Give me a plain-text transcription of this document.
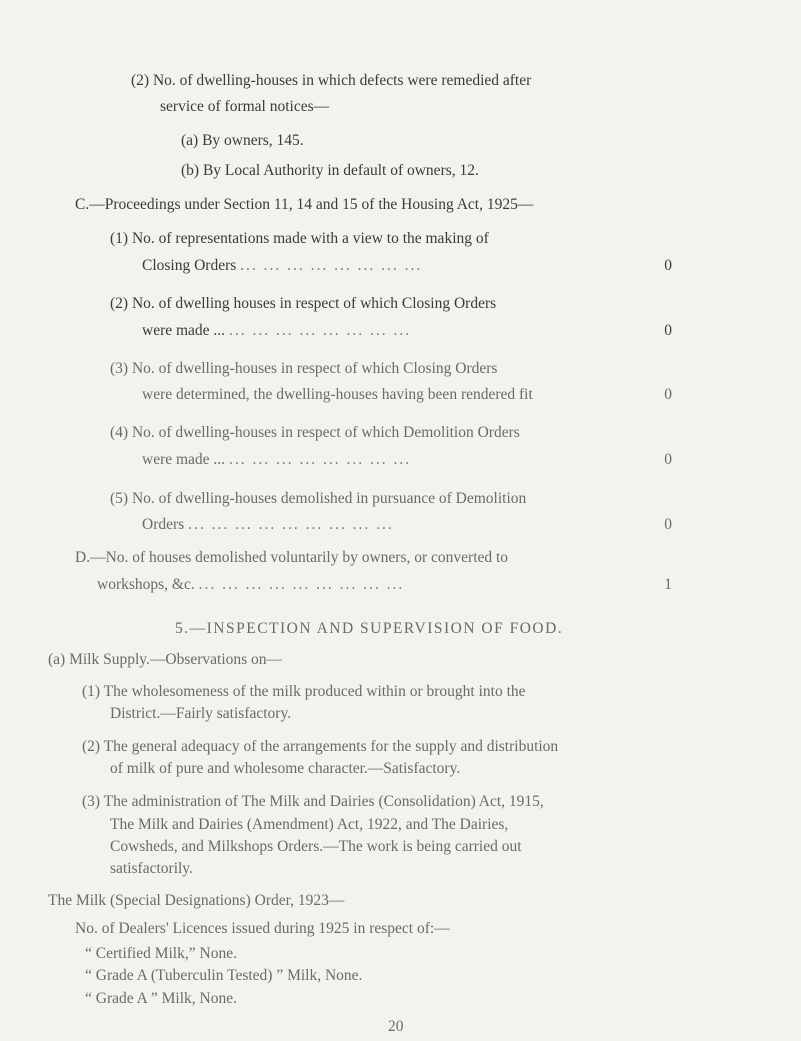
(2) No. of dwelling-houses in which defects were remedied after
service of formal notices—
(a) By owners, 145.
(b) By Local Authority in default of owners, 12.
C.—Proceedings under Section 11, 14 and 15 of the Housing Act, 1925—
(1) No. of representations made with a view to the making of
Closing Orders ... ... ... ... ... ... ... ...	0
(2) No. of dwelling houses in respect of which Closing Orders
were made ... ... ... ... ... ... ... ... ...	0
(3) No. of dwelling-houses in respect of which Closing Orders
were determined, the dwelling-houses having been rendered fit	0
(4) No. of dwelling-houses in respect of which Demolition Orders
were made ... ... ... ... ... ... ... ... ...	0
(5) No. of dwelling-houses demolished in pursuance of Demolition
Orders ... ... ... ... ... ... ... ... ...	0
D.—No. of houses demolished voluntarily by owners, or converted to
workshops, &c. ... ... ... ... ... ... ... ... ...	1
5.—INSPECTION AND SUPERVISION OF FOOD.
(a) Milk Supply.—Observations on—
(1) The wholesomeness of the milk produced within or brought into the
District.—Fairly satisfactory.
(2) The general adequacy of the arrangements for the supply and distribution
of milk of pure and wholesome character.—Satisfactory.
(3) The administration of The Milk and Dairies (Consolidation) Act, 1915,
The Milk and Dairies (Amendment) Act, 1922, and The Dairies,
Cowsheds, and Milkshops Orders.—The work is being carried out
satisfactorily.
The Milk (Special Designations) Order, 1923—
No. of Dealers' Licences issued during 1925 in respect of:—
“ Certified Milk,” None.
“ Grade A (Tuberculin Tested) ” Milk, None.
“ Grade A ” Milk, None.
20
